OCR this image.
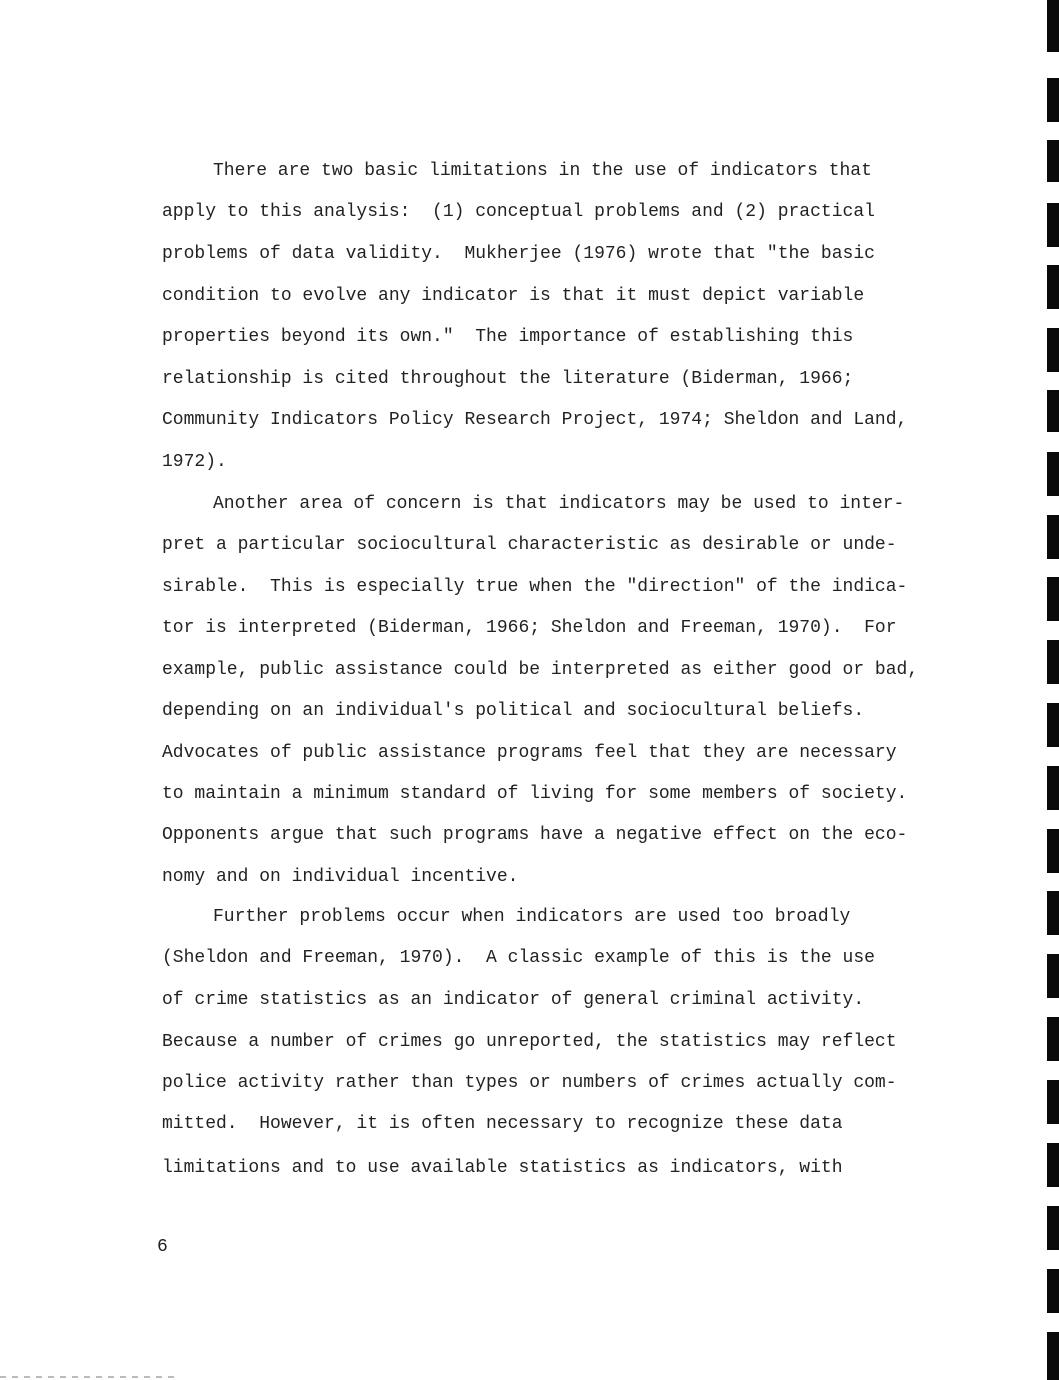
There are two basic limitations in the use of indicators that

apply to this analysis:  (1) conceptual problems and (2) practical

problems of data validity.  Mukherjee (1976) wrote that "the basic

condition to evolve any indicator is that it must depict variable

properties beyond its own."  The importance of establishing this

relationship is cited throughout the literature (Biderman, 1966;

Community Indicators Policy Research Project, 1974; Sheldon and Land,

1972).

Another area of concern is that indicators may be used to inter-

pret a particular sociocultural characteristic as desirable or unde-

sirable.  This is especially true when the "direction" of the indica-

tor is interpreted (Biderman, 1966; Sheldon and Freeman, 1970).  For

example, public assistance could be interpreted as either good or bad,

depending on an individual's political and sociocultural beliefs.

Advocates of public assistance programs feel that they are necessary

to maintain a minimum standard of living for some members of society.

Opponents argue that such programs have a negative effect on the eco-

nomy and on individual incentive.

Further problems occur when indicators are used too broadly

(Sheldon and Freeman, 1970).  A classic example of this is the use

of crime statistics as an indicator of general criminal activity.

Because a number of crimes go unreported, the statistics may reflect

police activity rather than types or numbers of crimes actually com-

mitted.  However, it is often necessary to recognize these data

limitations and to use available statistics as indicators, with

6
